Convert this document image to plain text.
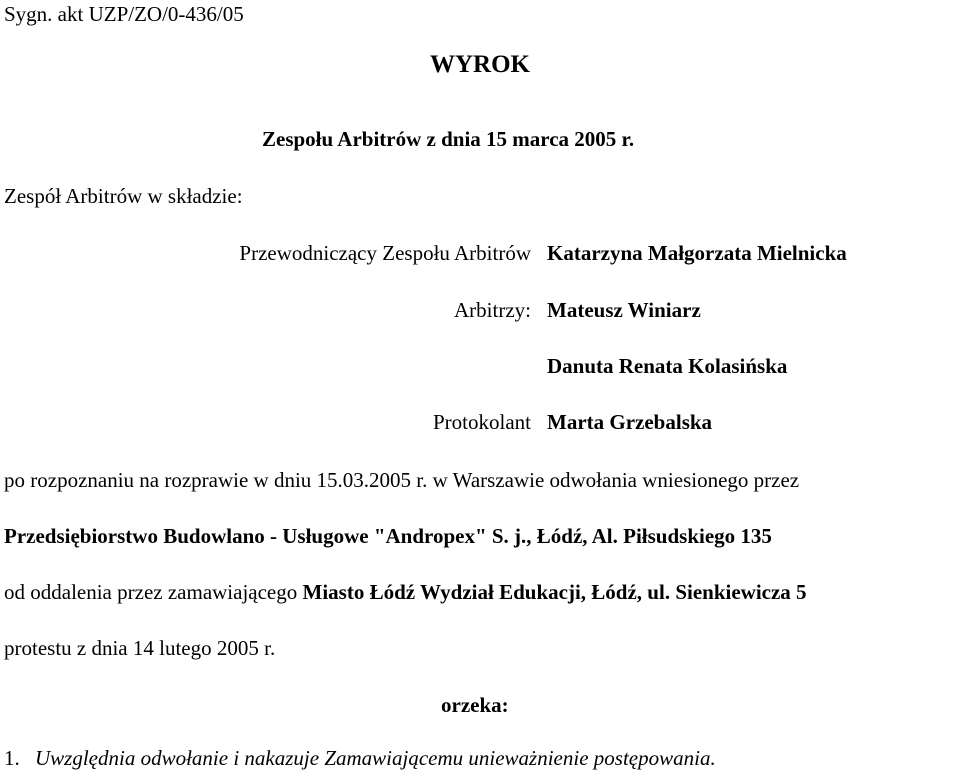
Sygn. akt UZP/ZO/0-436/05
WYROK
Zespołu Arbitrów z dnia 15 marca 2005 r.
Zespół Arbitrów w składzie:
Przewodniczący Zespołu Arbitrów Katarzyna Małgorzata Mielnicka
Arbitrzy: Mateusz Winiarz
Danuta Renata Kolasińska
Protokolant Marta Grzebalska
po rozpoznaniu na rozprawie w dniu 15.03.2005 r. w Warszawie odwołania wniesionego przez
Przedsiębiorstwo Budowlano - Usługowe "Andropex" S. j., Łódź, Al. Piłsudskiego 135
od oddalenia przez zamawiającego Miasto Łódź Wydział Edukacji, Łódź, ul. Sienkiewicza 5
protestu z dnia 14 lutego 2005 r.
orzeka:
1. Uwzględnia odwołanie i nakazuje Zamawiającemu unieważnienie postępowania.
